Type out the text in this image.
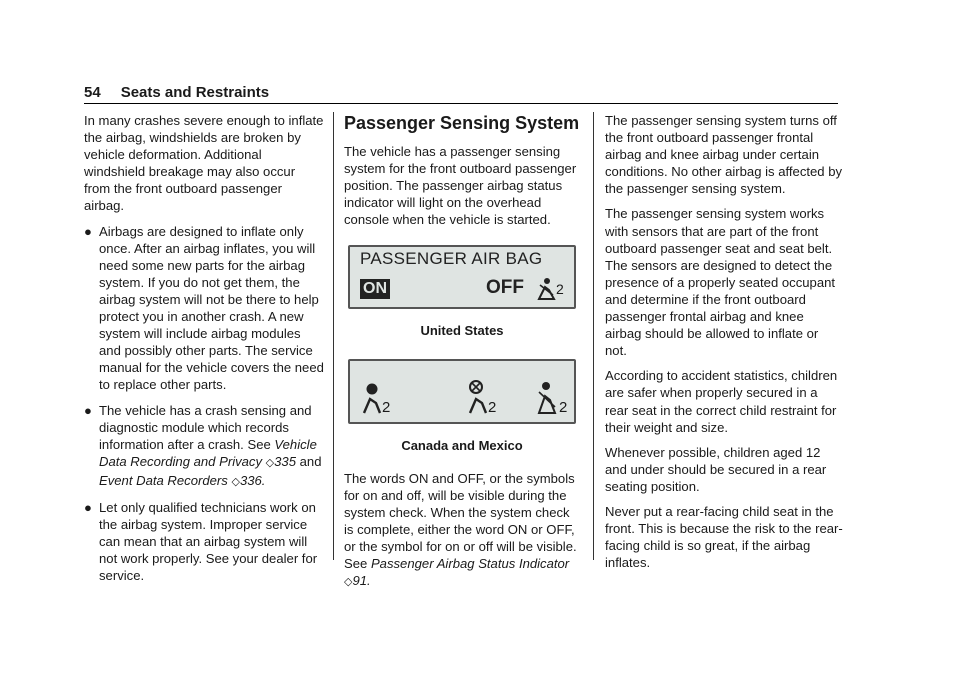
54 Seats and Restraints

In many crashes severe enough to inflate the airbag, windshields are broken by vehicle deformation. Additional windshield breakage may also occur from the front outboard passenger airbag.

● Airbags are designed to inflate only once. After an airbag inflates, you will need some new parts for the airbag system. If you do not get them, the airbag system will not be there to help protect you in another crash. A new system will include airbag modules and possibly other parts. The service manual for the vehicle covers the need to replace other parts.
● The vehicle has a crash sensing and diagnostic module which records information after a crash. See Vehicle Data Recording and Privacy ◇335 and Event Data Recorders ◇336.
● Let only qualified technicians work on the airbag system. Improper service can mean that an airbag system will not work properly. See your dealer for service.
Passenger Sensing System

The vehicle has a passenger sensing system for the front outboard passenger position. The passenger airbag status indicator will light on the overhead console when the vehicle is started.

PASSENGER AIR BAG
ON	OFF 2
United States
2	2	2
Canada and Mexico

The words ON and OFF, or the symbols for on and off, will be visible during the system check. When the system check is complete, either the word ON or OFF, or the symbol for on or off will be visible. See Passenger Airbag Status Indicator ◇91.

The passenger sensing system turns off the front outboard passenger frontal airbag and knee airbag under certain conditions. No other airbag is affected by the passenger sensing system.

The passenger sensing system works with sensors that are part of the front outboard passenger seat and seat belt. The sensors are designed to detect the presence of a properly seated occupant and determine if the front outboard passenger frontal airbag and knee airbag should be allowed to inflate or not.

According to accident statistics, children are safer when properly secured in a rear seat in the correct child restraint for their weight and size.

Whenever possible, children aged 12 and under should be secured in a rear seating position.

Never put a rear-facing child seat in the front. This is because the risk to the rear-facing child is so great, if the airbag inflates.
